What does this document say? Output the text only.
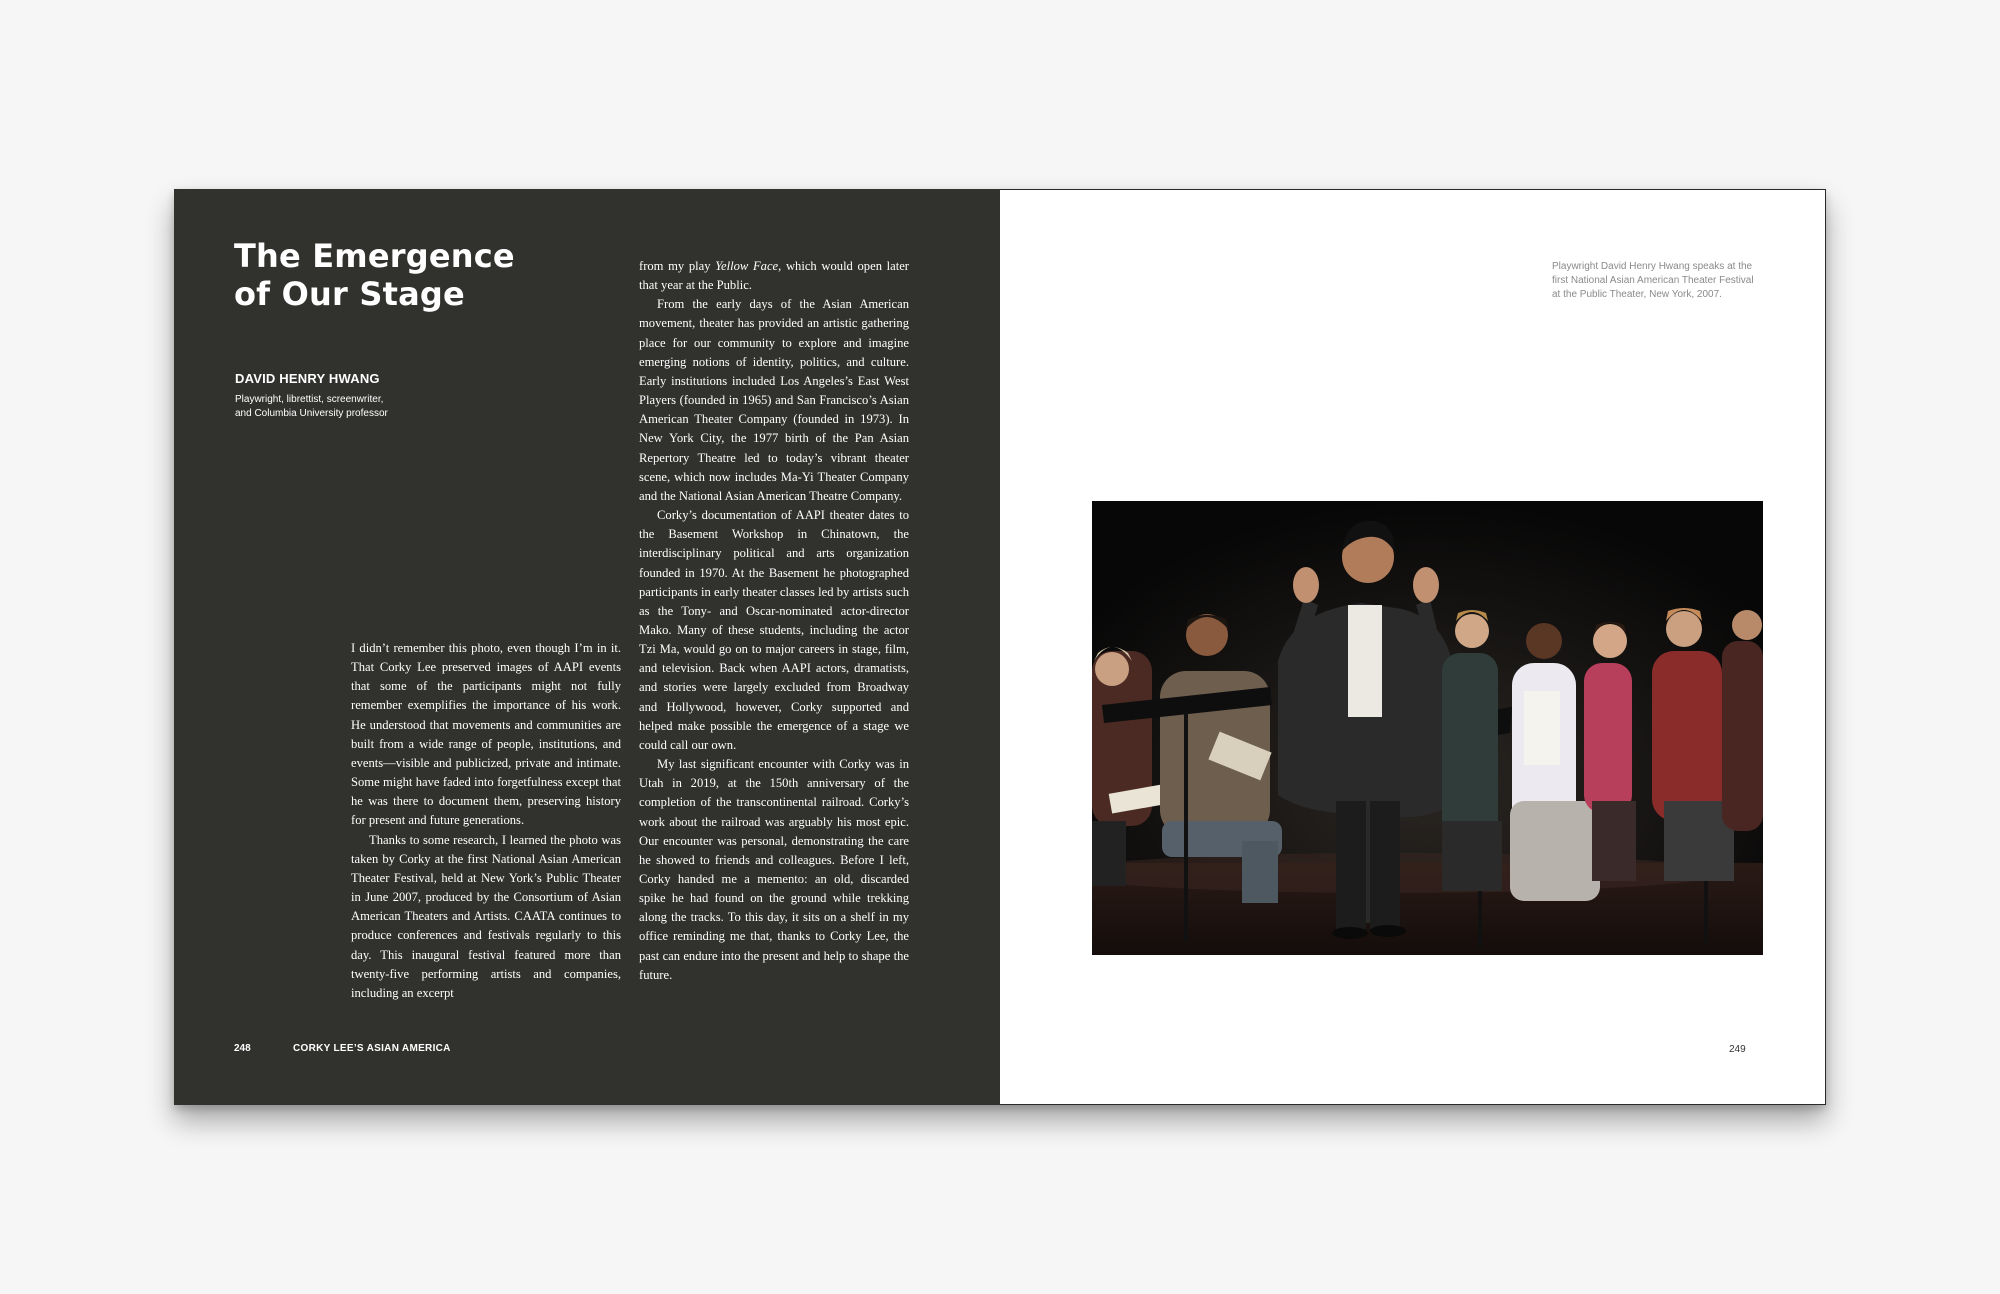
The Emergence
of Our Stage
DAVID HENRY HWANG
Playwright, librettist, screenwriter,
and Columbia University professor

I didn’t remember this photo, even though I’m in it. That Corky Lee preserved images of AAPI events that some of the participants might not fully remember exemplifies the importance of his work. He understood that movements and communities are built from a wide range of people, institutions, and events—visible and publicized, private and intimate. Some might have faded into forgetfulness except that he was there to document them, preserving history for present and future generations.

Thanks to some research, I learned the photo was taken by Corky at the first National Asian American Theater Festival, held at New York’s Public Theater in June 2007, produced by the Consortium of Asian American Theaters and Artists. CAATA continues to produce conferences and festivals regularly to this day. This inaugural festival featured more than twenty-five performing artists and companies, including an excerpt

from my play Yellow Face, which would open later that year at the Public.

From the early days of the Asian American movement, theater has provided an artistic gathering place for our community to explore and imagine emerging notions of identity, politics, and culture. Early institutions included Los Angeles’s East West Players (founded in 1965) and San Francisco’s Asian American Theater Company (founded in 1973). In New York City, the 1977 birth of the Pan Asian Repertory Theatre led to today’s vibrant theater scene, which now includes Ma-Yi Theater Company and the National Asian American Theatre Company.

Corky’s documentation of AAPI theater dates to the Basement Workshop in Chinatown, the interdisciplinary political and arts organization founded in 1970. At the Basement he photographed participants in early theater classes led by artists such as the Tony- and Oscar-nominated actor-director Mako. Many of these students, including the actor Tzi Ma, would go on to major careers in stage, film, and television. Back when AAPI actors, dramatists, and stories were largely excluded from Broadway and Hollywood, however, Corky supported and helped make possible the emergence of a stage we could call our own.

My last significant encounter with Corky was in Utah in 2019, at the 150th anniversary of the completion of the transcontinental railroad. Corky’s work about the railroad was arguably his most epic. Our encounter was personal, demonstrating the care he showed to friends and colleagues. Before I left, Corky handed me a memento: an old, discarded spike he had found on the ground while trekking along the tracks. To this day, it sits on a shelf in my office reminding me that, thanks to Corky Lee, the past can endure into the present and help to shape the future.

248	CORKY LEE’S ASIAN AMERICA
Playwright David Henry Hwang speaks at the
first National Asian American Theater Festival
at the Public Theater, New York, 2007.
249
